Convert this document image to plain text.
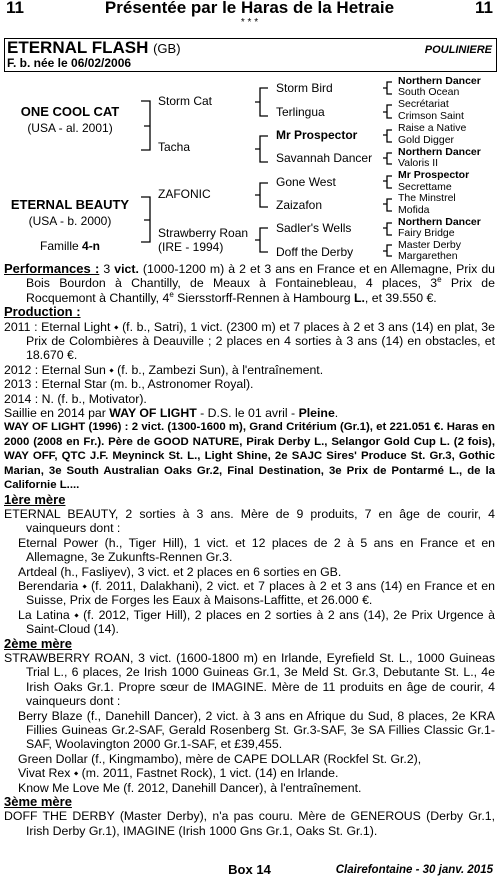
11	Présentée par le Haras de la Hetraie	11
* * *
ETERNAL FLASH (GB)
F. b. née le 06/02/2006
POULINIERE
ONE COOL CAT
(USA - al. 2001)
ETERNAL BEAUTY
(USA - b. 2000)
Famille 4-n
Storm Cat
Tacha
ZAFONIC
Strawberry Roan
(IRE - 1994)
Storm Bird
Terlingua
Mr Prospector
Savannah Dancer
Gone West
Zaizafon
Sadler's Wells
Doff the Derby
Northern Dancer
South Ocean
Secrétariat
Crimson Saint
Raise a Native
Gold Digger
Northern Dancer
Valoris II
Mr Prospector
Secrettame
The Minstrel
Mofida
Northern Dancer
Fairy Bridge
Master Derby
Margarethen

Performances : 3 vict. (1000-1200 m) à 2 et 3 ans en France et en Allemagne, Prix du Bois Bourdon à Chantilly, de Meaux à Fontainebleau, 4 places, 3e Prix de Rocquemont à Chantilly, 4e Siersstorff-Rennen à Hambourg L., et 39.550 €.

Production :

2011 : Eternal Light ⬩ (f. b., Satri), 1 vict. (2300 m) et 7 places à 2 et 3 ans (14) en plat, 3e Prix de Colombières à Deauville ; 2 places en 4 sorties à 3 ans (14) en obstacles, et 18.670 €.

2012 : Eternal Sun ⬩ (f. b., Zambezi Sun), à l'entraînement.

2013 : Eternal Star (m. b., Astronomer Royal).

2014 : N. (f. b., Motivator).

Saillie en 2014 par WAY OF LIGHT - D.S. le 01 avril - Pleine.

WAY OF LIGHT (1996) : 2 vict. (1300-1600 m), Grand Critérium (Gr.1), et 221.051 €. Haras en 2000 (2008 en Fr.). Père de GOOD NATURE, Pirak Derby L., Selangor Gold Cup L. (2 fois), WAY OFF, QTC J.F. Meyninck St. L., Light Shine, 2e SAJC Sires' Produce St. Gr.3, Gothic Marian, 3e South Australian Oaks Gr.2, Final Destination, 3e Prix de Pontarmé L., de la Californie L....

1ère mère

ETERNAL BEAUTY, 2 sorties à 3 ans. Mère de 9 produits, 7 en âge de courir, 4 vainqueurs dont :

Eternal Power (h., Tiger Hill), 1 vict. et 12 places de 2 à 5 ans en France et en Allemagne, 3e Zukunfts-Rennen Gr.3.

Artdeal (h., Fasliyev), 3 vict. et 2 places en 6 sorties en GB.

Berendaria ⬩ (f. 2011, Dalakhani), 2 vict. et 7 places à 2 et 3 ans (14) en France et en Suisse, Prix de Forges les Eaux à Maisons-Laffitte, et 26.000 €.

La Latina ⬩ (f. 2012, Tiger Hill), 2 places en 2 sorties à 2 ans (14), 2e Prix Urgence à Saint-Cloud (14).

2ème mère

STRAWBERRY ROAN, 3 vict. (1600-1800 m) en Irlande, Eyrefield St. L., 1000 Guineas Trial L., 6 places, 2e Irish 1000 Guineas Gr.1, 3e Meld St. Gr.3, Debutante St. L., 4e Irish Oaks Gr.1. Propre sœur de IMAGINE. Mère de 11 produits en âge de courir, 4 vainqueurs dont :

Berry Blaze (f., Danehill Dancer), 2 vict. à 3 ans en Afrique du Sud, 8 places, 2e KRA Fillies Guineas Gr.2-SAF, Gerald Rosenberg St. Gr.3-SAF, 3e SA Fillies Classic Gr.1-SAF, Woolavington 2000 Gr.1-SAF, et £39,455.

Green Dollar (f., Kingmambo), mère de CAPE DOLLAR (Rockfel St. Gr.2),

Vivat Rex ⬩ (m. 2011, Fastnet Rock), 1 vict. (14) en Irlande.

Know Me Love Me (f. 2012, Danehill Dancer), à l'entraînement.

3ème mère

DOFF THE DERBY (Master Derby), n'a pas couru. Mère de GENEROUS (Derby Gr.1, Irish Derby Gr.1), IMAGINE (Irish 1000 Gns Gr.1, Oaks St. Gr.1).

Box 14	Clairefontaine - 30 janv. 2015
